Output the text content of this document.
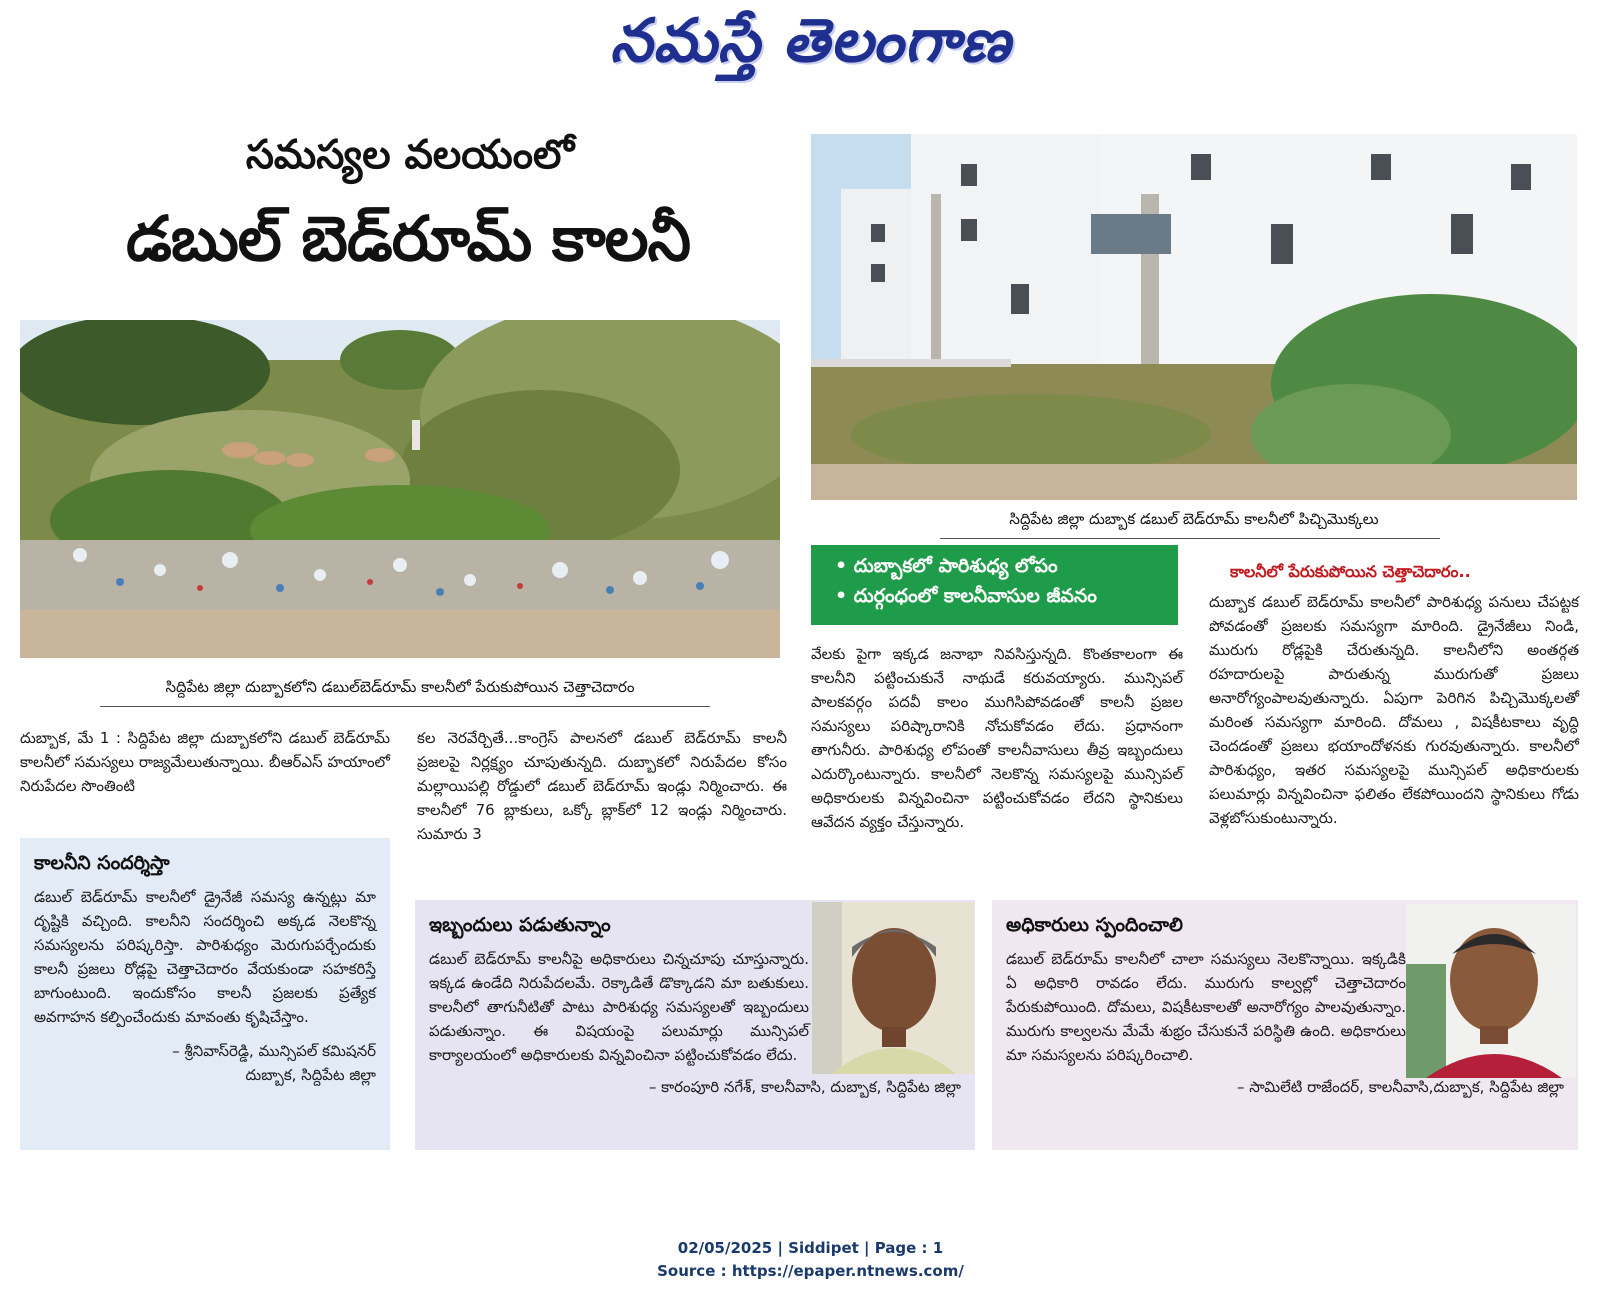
నమస్తే తెలంగాణ
సమస్యల వలయంలో
డబుల్ బెడ్‌రూమ్ కాలనీ
సిద్దిపేట జిల్లా దుబ్బాకలోని డబుల్‌బెడ్‌రూమ్ కాలనీలో పేరుకుపోయిన చెత్తాచెదారం
సిద్దిపేట జిల్లా దుబ్బాక డబుల్ బెడ్‌రూమ్ కాలనీలో పిచ్చిమొక్కలు
• దుబ్బాకలో పారిశుధ్య లోపం
• దుర్గంధంలో కాలనీవాసుల జీవనం
దుబ్బాక, మే 1 : సిద్దిపేట జిల్లా దుబ్బాకలోని డబుల్ బెడ్‌రూమ్ కాలనీలో సమస్యలు రాజ్యమేలుతున్నాయి. బీఆర్ఎస్ హయాంలో నిరుపేదల సొంతింటి
కల నెరవేర్చితే...కాంగ్రెస్ పాలనలో డబుల్ బెడ్‌రూమ్ కాలనీ ప్రజలపై నిర్లక్ష్యం చూపుతున్నది. దుబ్బాకలో నిరుపేదల కోసం మల్లాయిపల్లి రోడ్డులో డబుల్ బెడ్‌రూమ్ ఇండ్లు నిర్మించారు. ఈ కాలనీలో 76 బ్లాకులు, ఒక్కో బ్లాక్‌లో 12 ఇండ్లు నిర్మించారు. సుమారు 3
వేలకు పైగా ఇక్కడ జనాభా నివసిస్తున్నది. కొంతకాలంగా ఈ కాలనీని పట్టించుకునే నాథుడే కరువయ్యారు. మున్సిపల్ పాలకవర్గం పదవీ కాలం ముగిసిపోవడంతో కాలనీ ప్రజల సమస్యలు పరిష్కారానికి నోచుకోవడం లేదు. ప్రధానంగా తాగునీరు. పారిశుధ్య లోపంతో కాలనీవాసులు తీవ్ర ఇబ్బందులు ఎదుర్కొంటున్నారు. కాలనీలో నెలకొన్న సమస్యలపై మున్సిపల్ అధికారులకు విన్నవించినా పట్టించుకోవడం లేదని స్థానికులు ఆవేదన వ్యక్తం చేస్తున్నారు.
కాలనీలో పేరుకుపోయిన చెత్తాచెదారం..
దుబ్బాక డబుల్ బెడ్‌రూమ్ కాలనీలో పారిశుధ్య పనులు చేపట్టక పోవడంతో ప్రజలకు సమస్యగా మారింది. డ్రైనేజీలు నిండి, మురుగు రోడ్లపైకి చేరుతున్నది. కాలనీలోని అంతర్గత రహదారులపై పారుతున్న మురుగుతో ప్రజలు అనారోగ్యంపాలవుతున్నారు. ఏపుగా పెరిగిన పిచ్చిమొక్కలతో మరింత సమస్యగా మారింది. దోమలు , విషకీటకాలు వృద్ధి చెందడంతో ప్రజలు భయాందోళనకు గురవుతున్నారు. కాలనీలో పారిశుధ్యం, ఇతర సమస్యలపై మున్సిపల్ అధికారులకు పలుమార్లు విన్నవించినా ఫలితం లేకపోయిందని స్థానికులు గోడు వెళ్లబోసుకుంటున్నారు.
కాలనీని సందర్శిస్తా
డబుల్ బెడ్‌రూమ్ కాలనీలో డ్రైనేజీ సమస్య ఉన్నట్లు మా దృష్టికి వచ్చింది. కాలనీని సందర్శించి అక్కడ నెలకొన్న సమస్యలను పరిష్కరిస్తా. పారిశుధ్యం మెరుగుపర్చేందుకు కాలనీ ప్రజలు రోడ్లపై చెత్తాచెదారం వేయకుండా సహకరిస్తే బాగుంటుంది. ఇందుకోసం కాలనీ ప్రజలకు ప్రత్యేక అవగాహన కల్పించేందుకు మావంతు కృషిచేస్తాం.
– శ్రీనివాస్‌రెడ్డి, మున్సిపల్ కమిషనర్
దుబ్బాక, సిద్దిపేట జిల్లా
ఇబ్బందులు పడుతున్నాం
డబుల్ బెడ్‌రూమ్ కాలనీపై అధికారులు చిన్నచూపు చూస్తున్నారు. ఇక్కడ ఉండేది నిరుపేదలమే. రెక్కాడితే డొక్కాడని మా బతుకులు. కాలనీలో తాగునీటితో పాటు పారిశుధ్య సమస్యలతో ఇబ్బందులు పడుతున్నాం. ఈ విషయంపై పలుమార్లు మున్సిపల్ కార్యాలయంలో అధికారులకు విన్నవించినా పట్టించుకోవడం లేదు.
– కారంపూరి నగేశ్, కాలనీవాసి, దుబ్బాక, సిద్దిపేట జిల్లా
అధికారులు స్పందించాలి
డబుల్ బెడ్‌రూమ్ కాలనీలో చాలా సమస్యలు నెలకొన్నాయి. ఇక్కడికి ఏ అధికారి రావడం లేదు. మురుగు కాల్వల్లో చెత్తాచెదారం పేరుకుపోయింది. దోమలు, విషకీటకాలతో అనారోగ్యం పాలవుతున్నాం. మురుగు కాల్వలను మేమే శుభ్రం చేసుకునే పరిస్థితి ఉంది. అధికారులు మా సమస్యలను పరిష్కరించాలి.
– సామిలేటి రాజేందర్, కాలనీవాసి,దుబ్బాక, సిద్దిపేట జిల్లా
02/05/2025 | Siddipet | Page : 1
Source : https://epaper.ntnews.com/
